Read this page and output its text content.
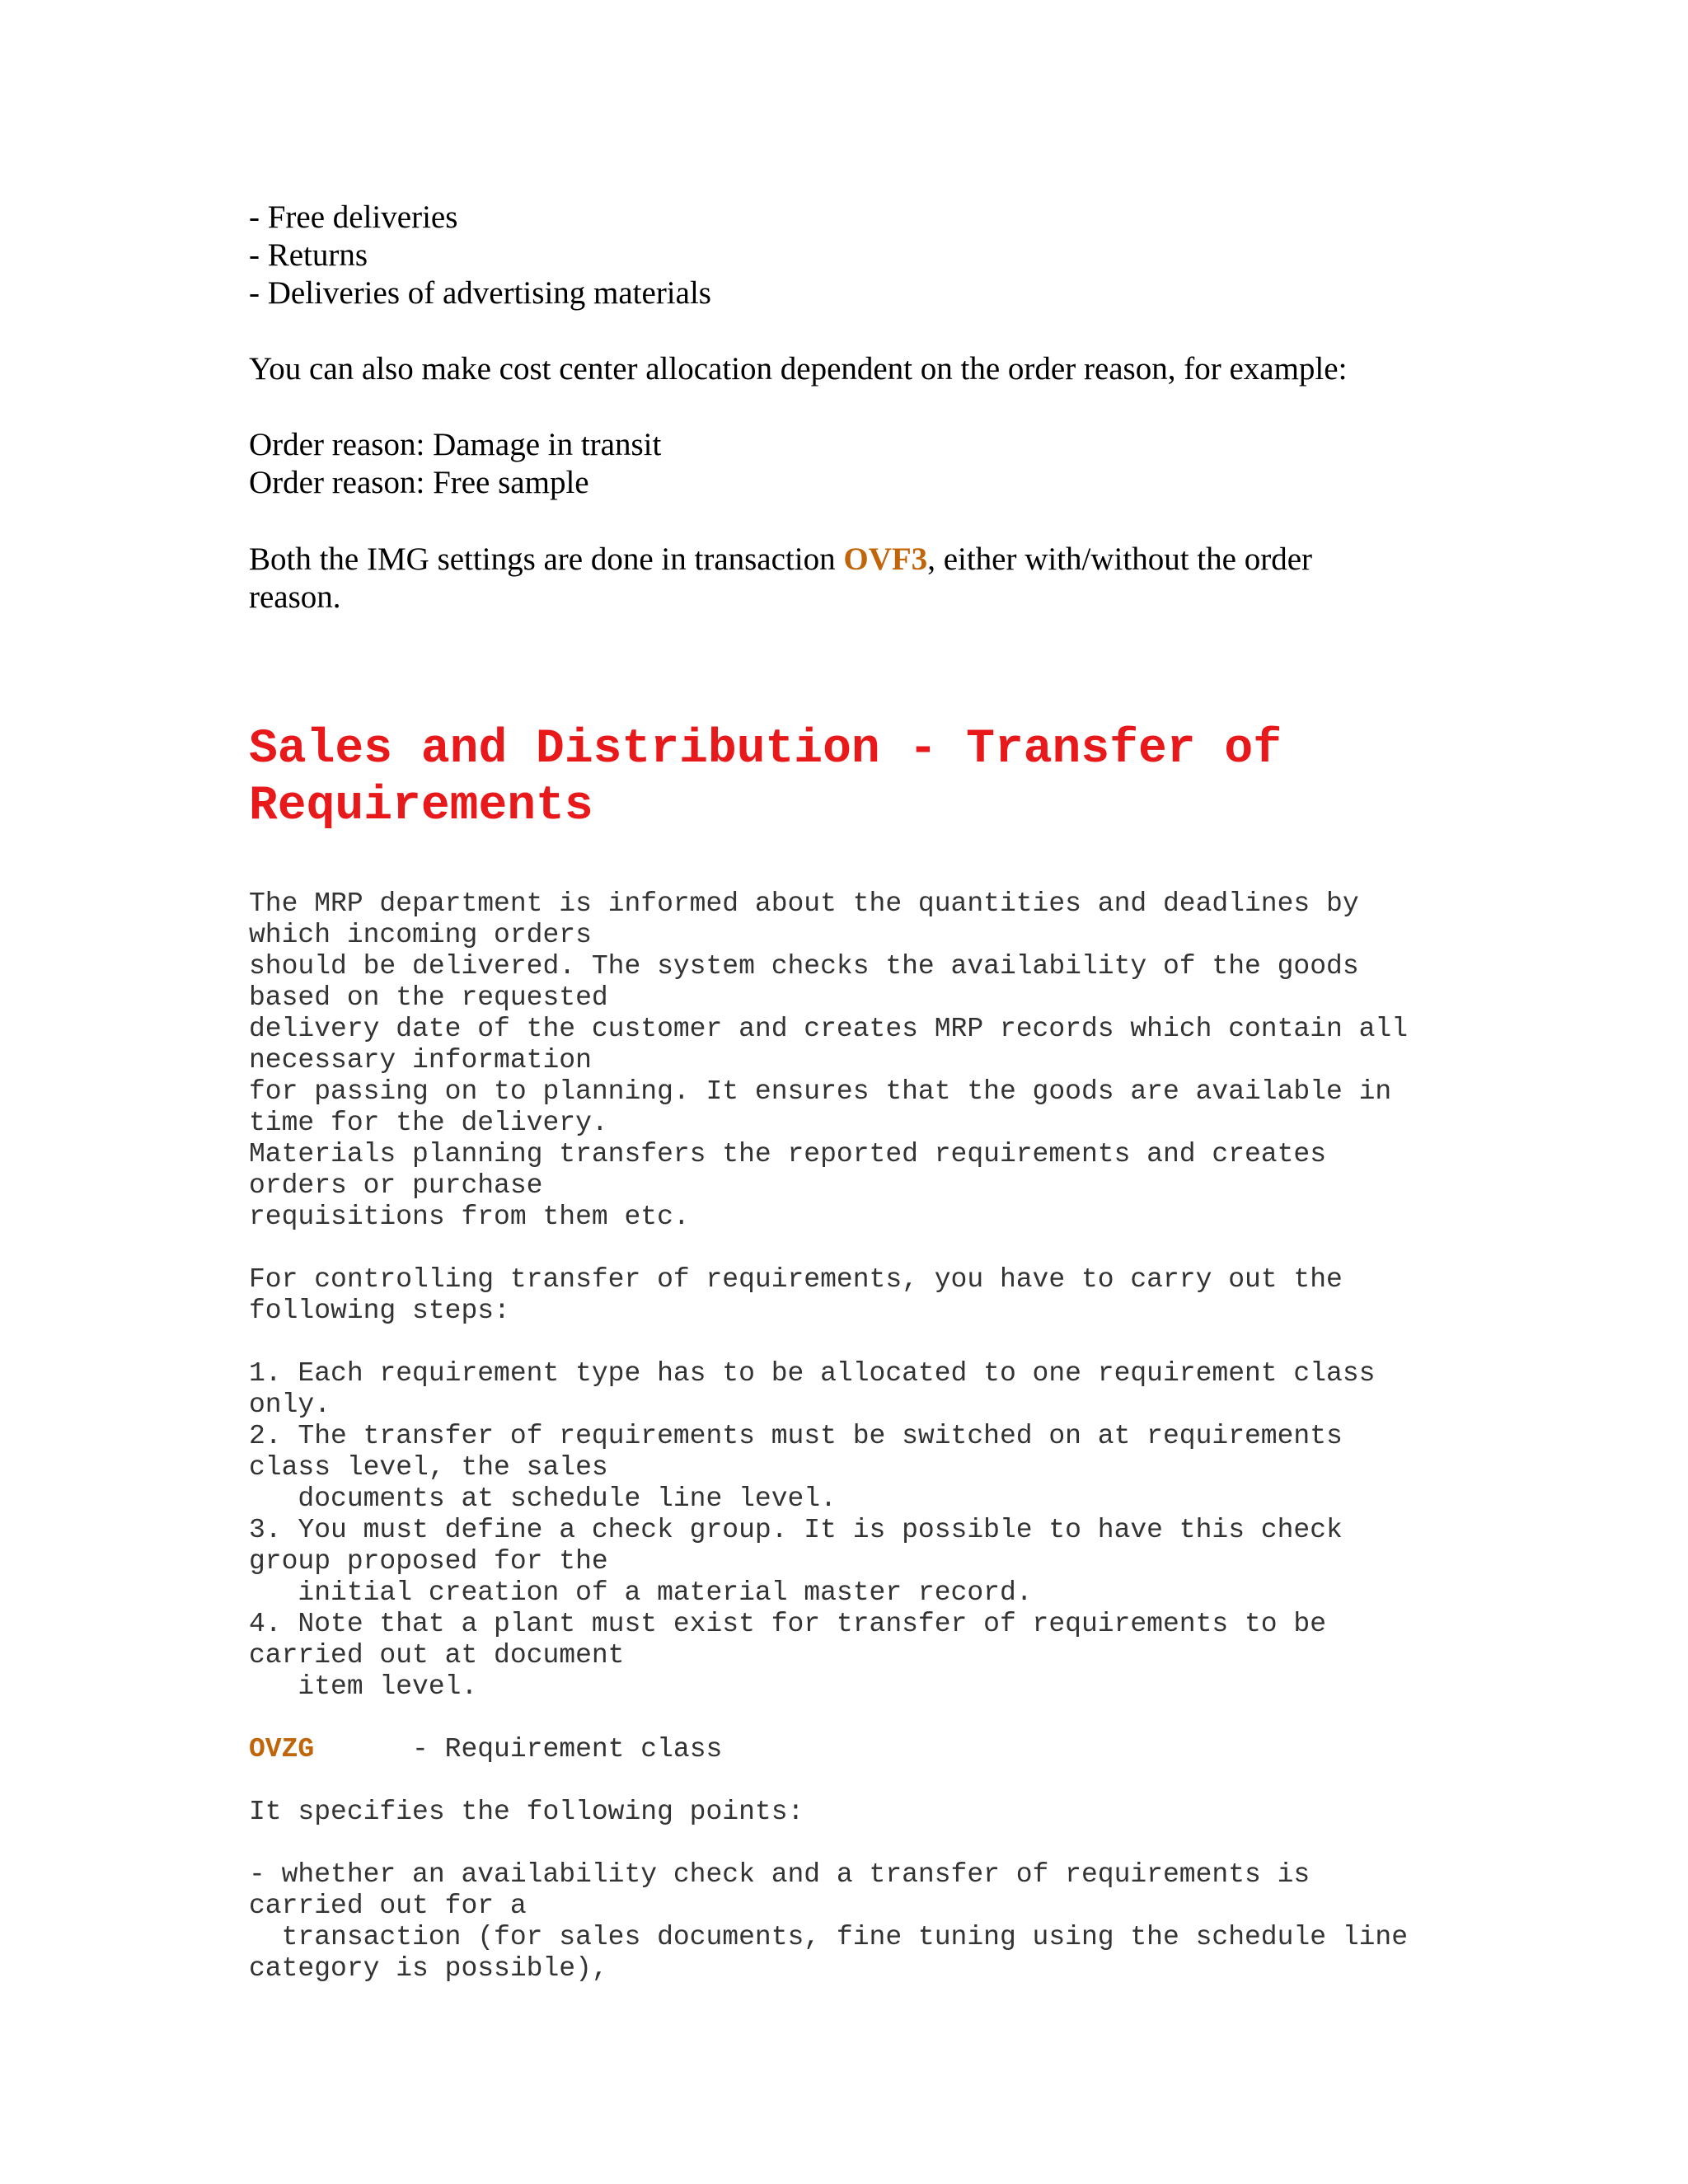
- Free deliveries

- Returns

- Deliveries of advertising materials

You can also make cost center allocation dependent on the order reason, for example:

Order reason: Damage in transit

Order reason: Free sample

Both the IMG settings are done in transaction OVF3, either with/without the order

reason.

Sales and Distribution - Transfer of
Requirements
The MRP department is informed about the quantities and deadlines by
which incoming orders
should be delivered. The system checks the availability of the goods
based on the requested
delivery date of the customer and creates MRP records which contain all
necessary information
for passing on to planning. It ensures that the goods are available in
time for the delivery.
Materials planning transfers the reported requirements and creates
orders or purchase
requisitions from them etc.
For controlling transfer of requirements, you have to carry out the
following steps:
1. Each requirement type has to be allocated to one requirement class
only.
2. The transfer of requirements must be switched on at requirements
class level, the sales
documents at schedule line level.
3. You must define a check group. It is possible to have this check
group proposed for the
initial creation of a material master record.
4. Note that a plant must exist for transfer of requirements to be
carried out at document
item level.
OVZG      - Requirement class
It specifies the following points:
- whether an availability check and a transfer of requirements is
carried out for a
transaction (for sales documents, fine tuning using the schedule line
category is possible),
